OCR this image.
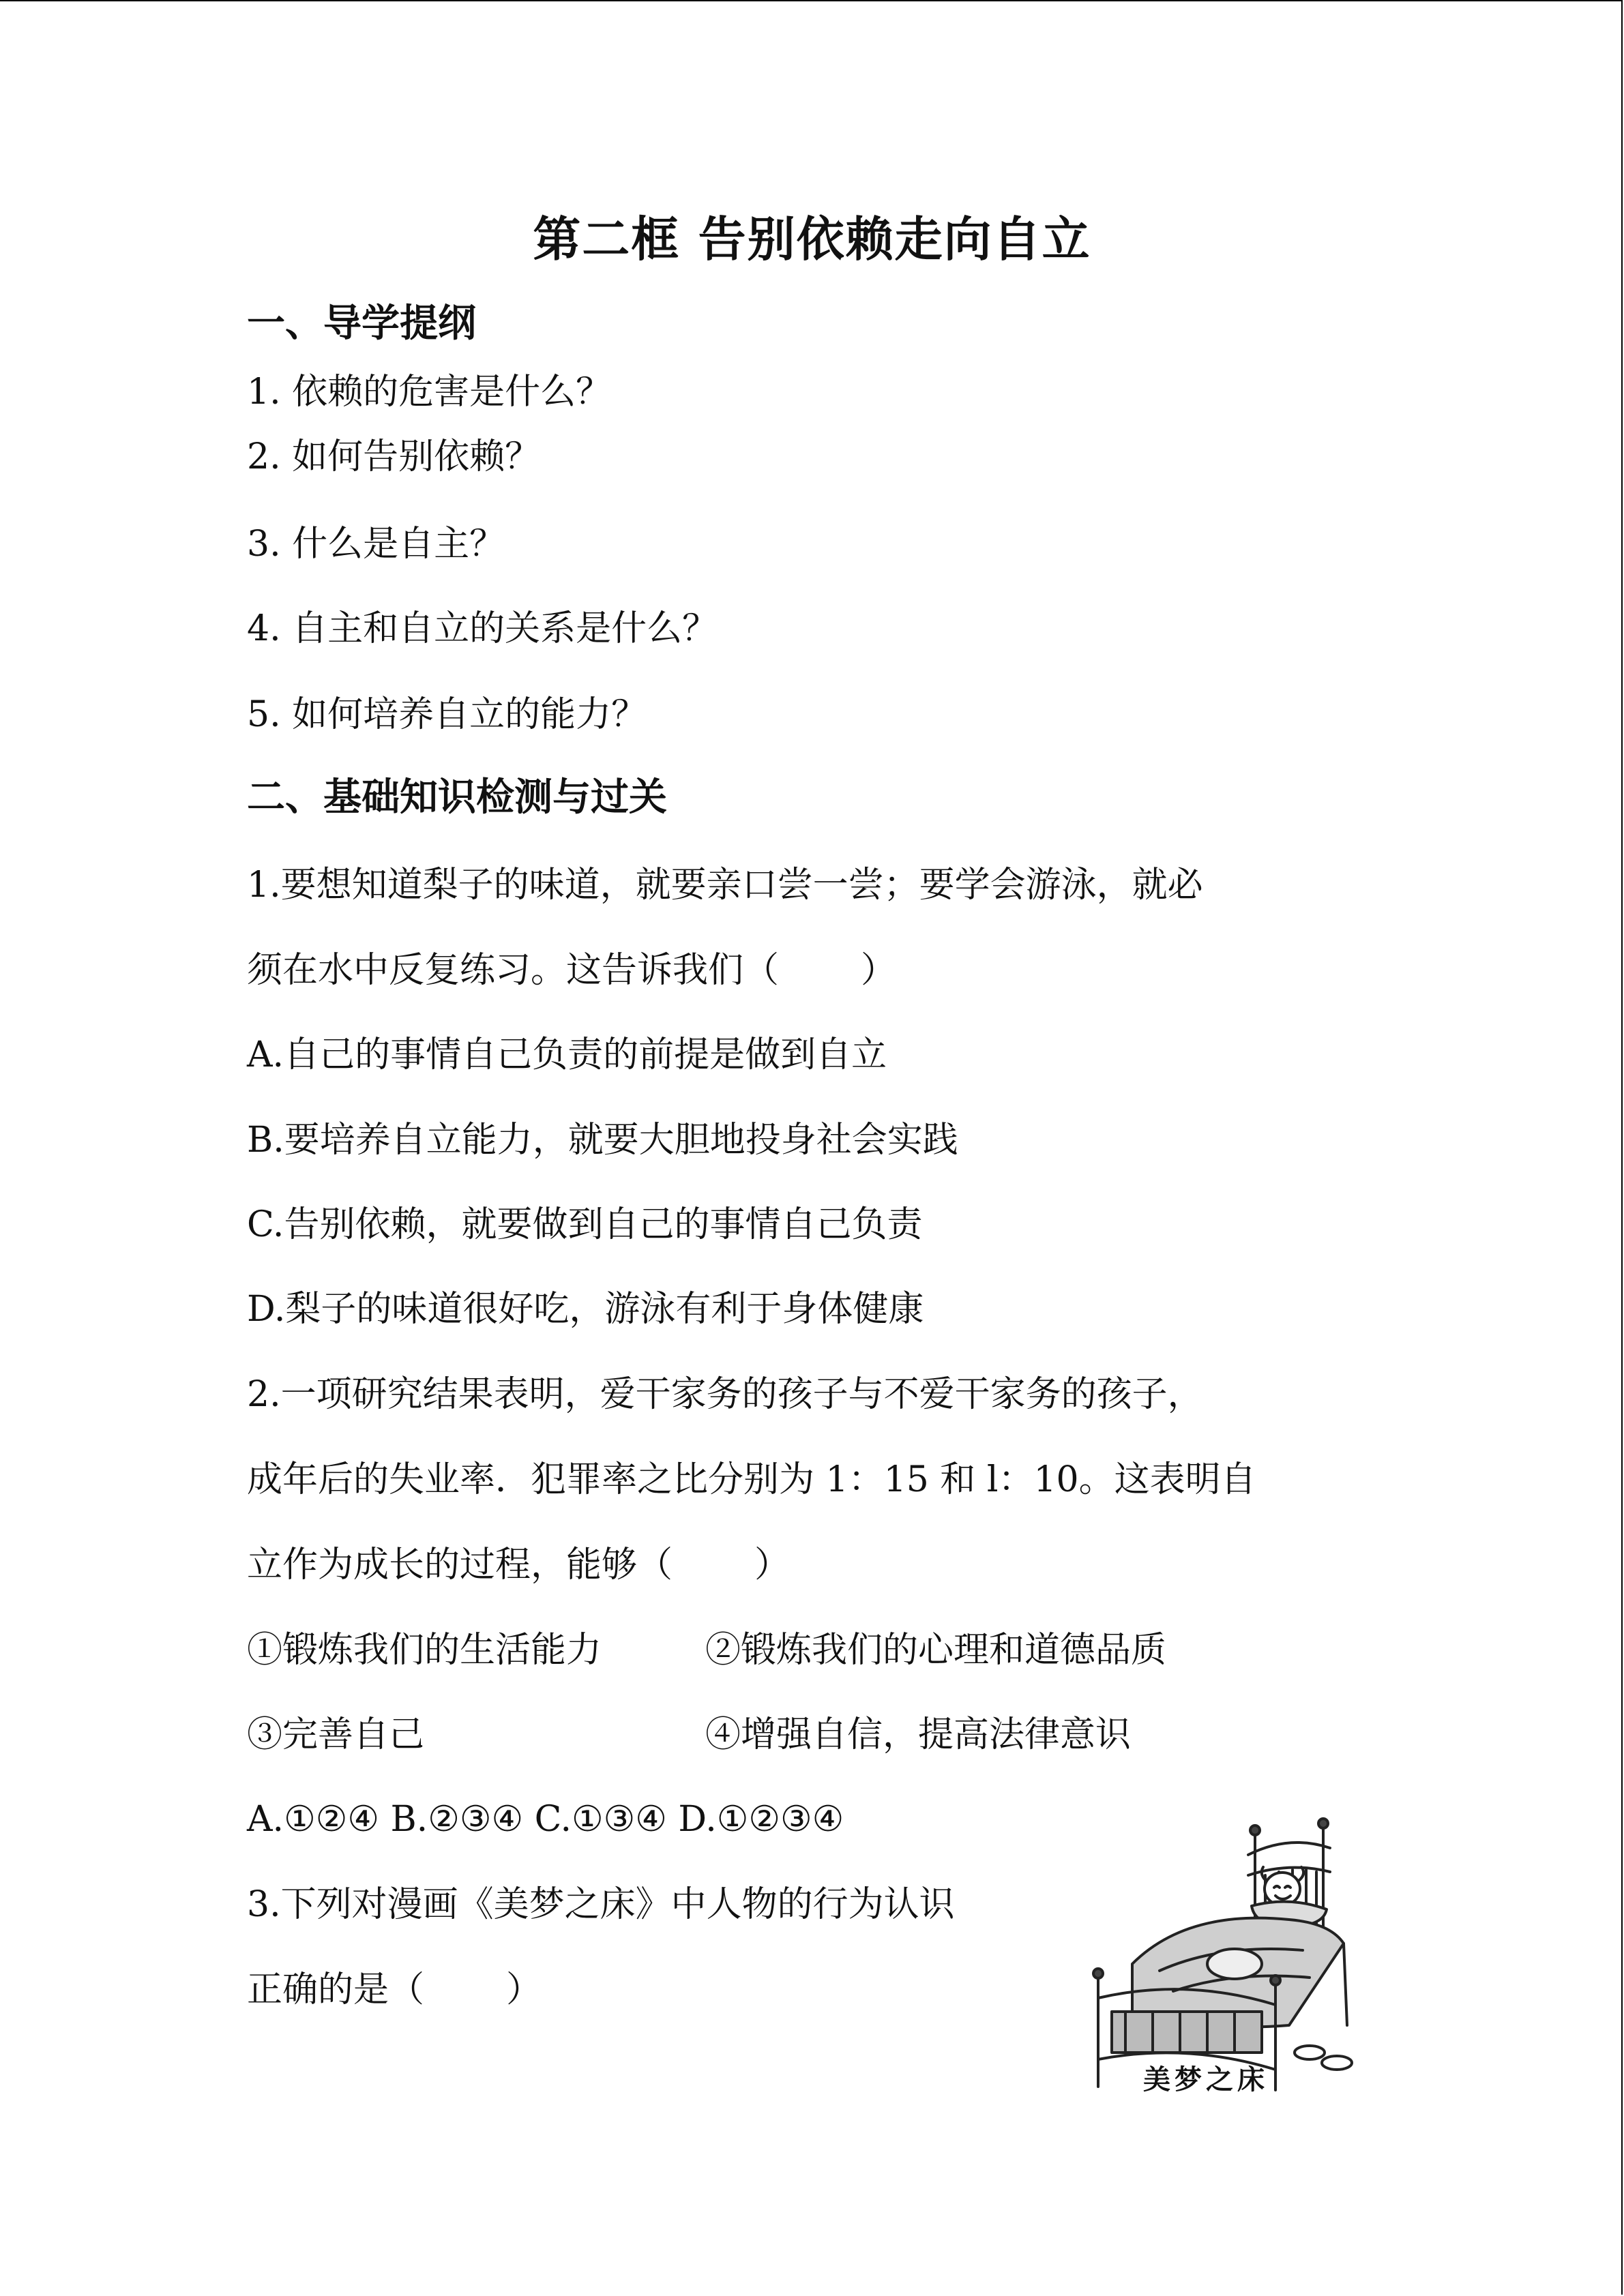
第二框 告别依赖走向自立
一、导学提纲
1. 依赖的危害是什么？
2. 如何告别依赖？
3. 什么是自主？
4. 自主和自立的关系是什么？
5. 如何培养自立的能力？
二、基础知识检测与过关
1.要想知道梨子的味道，就要亲口尝一尝；要学会游泳，就必
须在水中反复练习。这告诉我们（ ）
A.自己的事情自己负责的前提是做到自立
B.要培养自立能力，就要大胆地投身社会实践
C.告别依赖，就要做到自己的事情自己负责
D.梨子的味道很好吃，游泳有利于身体健康
2.一项研究结果表明，爱干家务的孩子与不爱干家务的孩子，
成年后的失业率．犯罪率之比分别为 1：15 和 l：10。这表明自
立作为成长的过程，能够（ ）
①锻炼我们的生活能力	②锻炼我们的心理和道德品质
③完善自己	④增强自信，提高法律意识
A.①②④ B.②③④ C.①③④ D.①②③④
3.下列对漫画《美梦之床》中人物的行为认识
正确的是（ ）
美梦之床
